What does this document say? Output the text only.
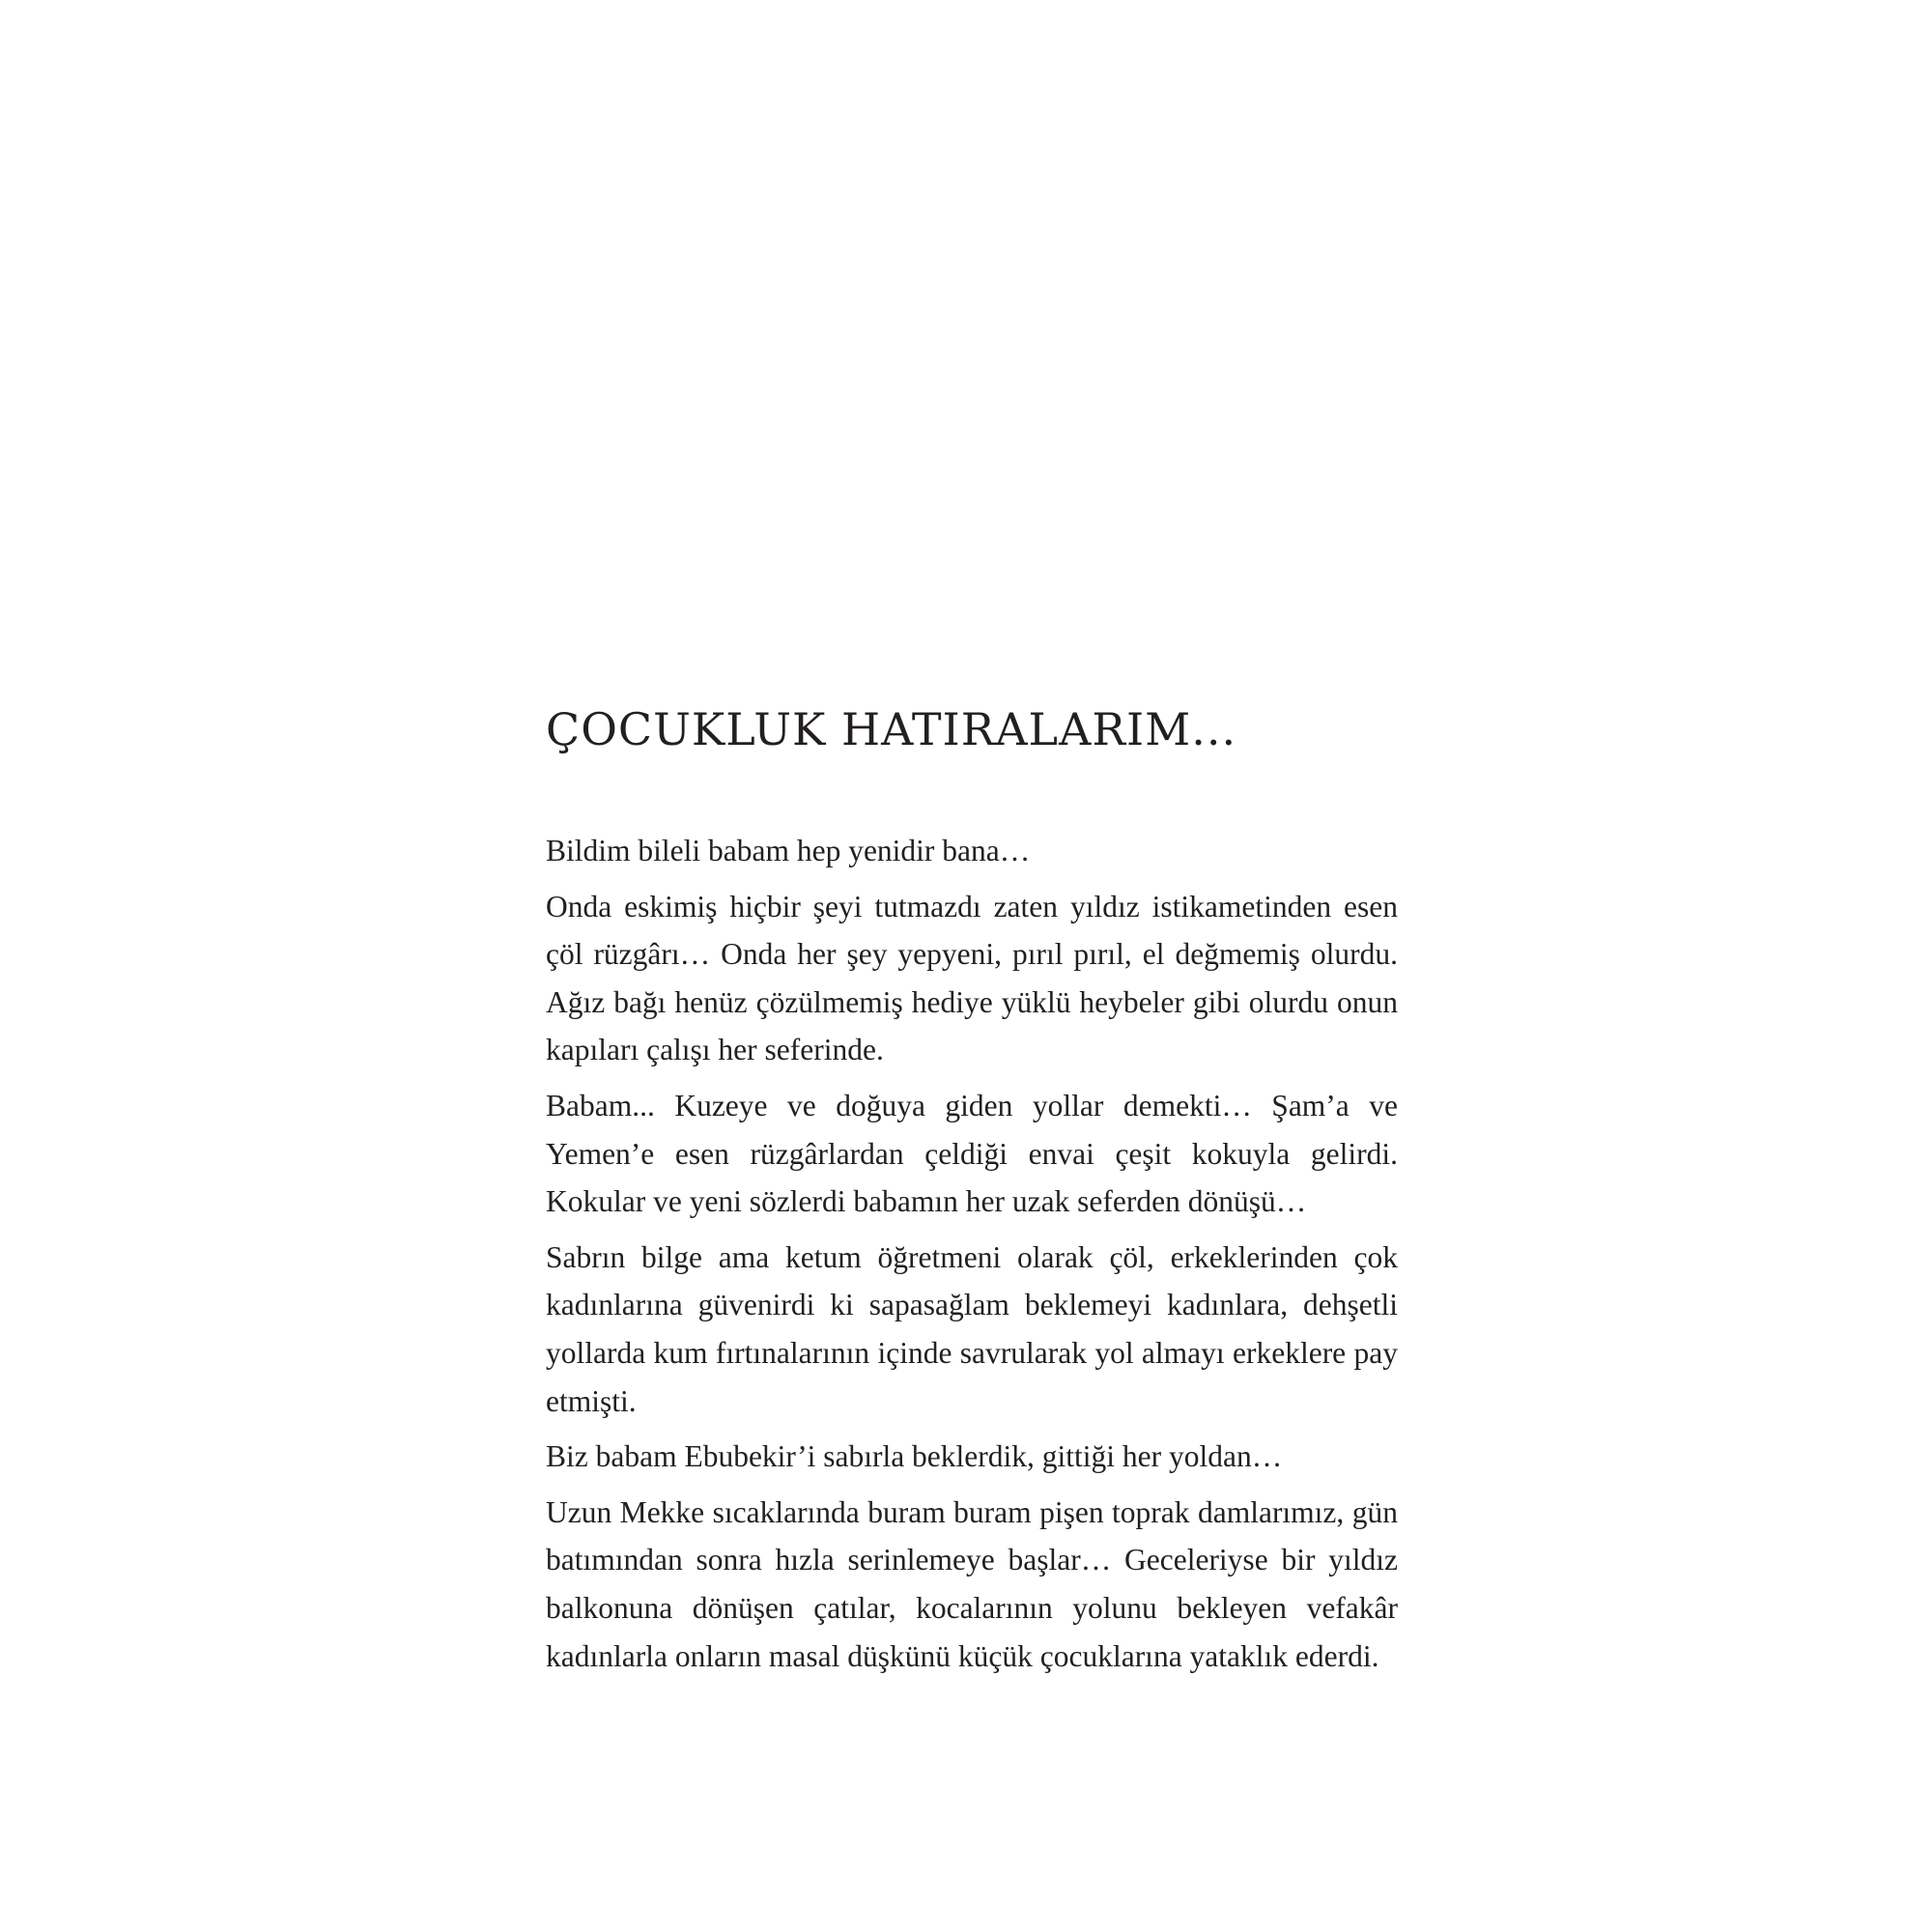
ÇOCUKLUK HATIRALARIM...

Bildim bileli babam hep yenidir bana…

Onda eskimiş hiçbir şeyi tutmazdı zaten yıldız istikametinden esen çöl rüzgârı… Onda her şey yepyeni, pırıl pırıl, el değmemiş olurdu. Ağız bağı henüz çözülmemiş hediye yüklü heybeler gibi olurdu onun kapıları çalışı her seferinde.

Babam... Kuzeye ve doğuya giden yollar demekti… Şam’a ve Yemen’e esen rüzgârlardan çeldiği envai çeşit kokuyla gelirdi. Kokular ve yeni sözlerdi babamın her uzak seferden dönüşü…

Sabrın bilge ama ketum öğretmeni olarak çöl, erkeklerinden çok kadınlarına güvenirdi ki sapasağlam beklemeyi kadınlara, dehşetli yollarda kum fırtınalarının içinde savrularak yol almayı erkeklere pay etmişti.

Biz babam Ebubekir’i sabırla beklerdik, gittiği her yoldan…

Uzun Mekke sıcaklarında buram buram pişen toprak damlarımız, gün batımından sonra hızla serinlemeye başlar… Geceleriyse bir yıldız balkonuna dönüşen çatılar, kocalarının yolunu bekleyen vefakâr kadınlarla onların masal düşkünü küçük çocuklarına yataklık ederdi.
